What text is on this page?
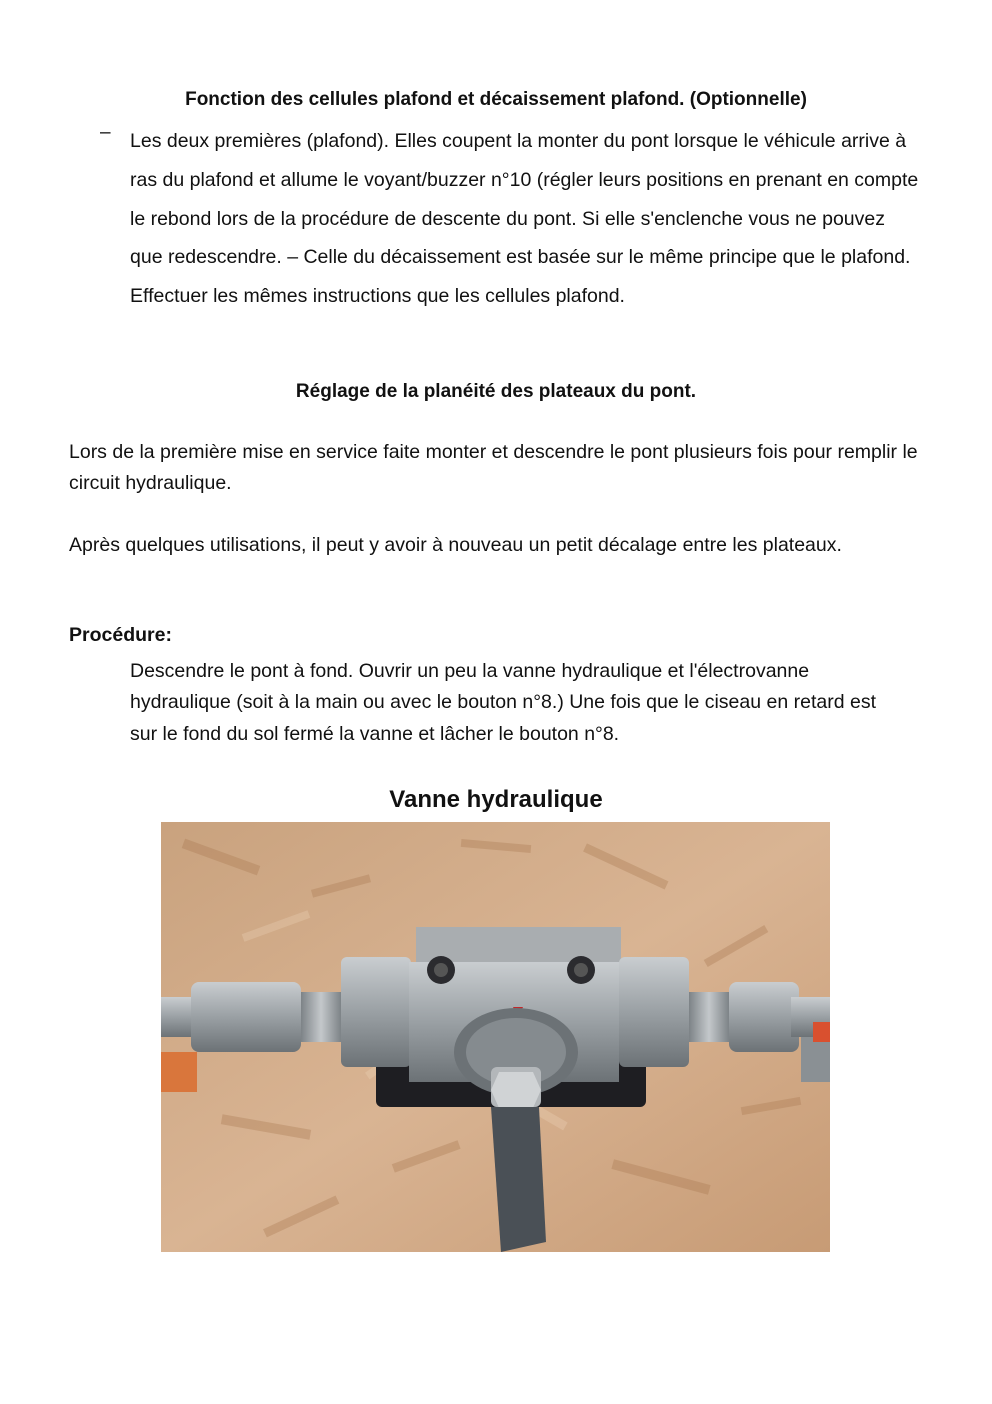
Fonction des cellules plafond et décaissement plafond. (Optionnelle)
– Les deux premières (plafond). Elles coupent la monter du pont lorsque le véhicule arrive à ras du plafond et allume le voyant/buzzer n°10 (régler leurs positions en prenant en compte le rebond lors de la procédure de descente du pont. Si elle s'enclenche vous ne pouvez que redescendre. – Celle du décaissement est basée sur le même principe que le plafond. Effectuer les mêmes instructions que les cellules plafond.

Réglage de la planéité des plateaux du pont.

Lors de la première mise en service faite monter et descendre le pont plusieurs fois pour remplir le circuit hydraulique.

Après quelques utilisations, il peut y avoir à nouveau un petit décalage entre les plateaux.

Procédure:

Descendre le pont à fond. Ouvrir un peu la vanne hydraulique et l'électrovanne hydraulique (soit à la main ou avec le bouton n°8.) Une fois que le ciseau en retard est sur le fond du sol fermé la vanne et lâcher le bouton n°8.

Vanne hydraulique
